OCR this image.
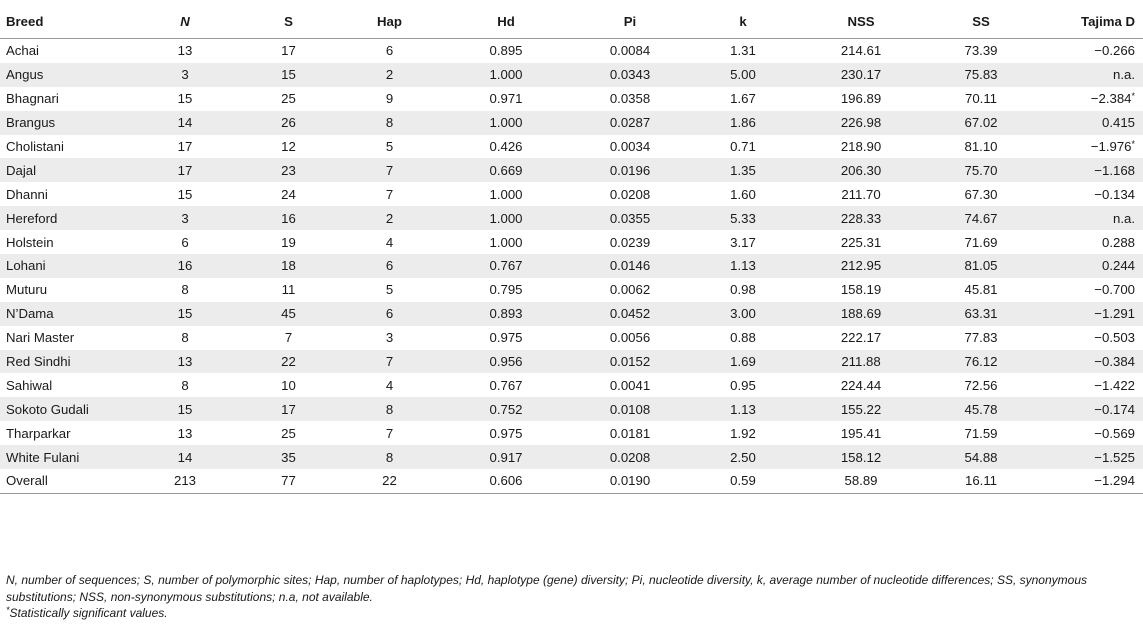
Breed	N	S	Hap	Hd	Pi	k	NSS	SS	Tajima D
Achai	13	17	6	0.895	0.0084	1.31	214.61	73.39	−0.266
Angus	3	15	2	1.000	0.0343	5.00	230.17	75.83	n.a.
Bhagnari	15	25	9	0.971	0.0358	1.67	196.89	70.11	−2.384*
Brangus	14	26	8	1.000	0.0287	1.86	226.98	67.02	0.415
Cholistani	17	12	5	0.426	0.0034	0.71	218.90	81.10	−1.976*
Dajal	17	23	7	0.669	0.0196	1.35	206.30	75.70	−1.168
Dhanni	15	24	7	1.000	0.0208	1.60	211.70	67.30	−0.134
Hereford	3	16	2	1.000	0.0355	5.33	228.33	74.67	n.a.
Holstein	6	19	4	1.000	0.0239	3.17	225.31	71.69	0.288
Lohani	16	18	6	0.767	0.0146	1.13	212.95	81.05	0.244
Muturu	8	11	5	0.795	0.0062	0.98	158.19	45.81	−0.700
N’Dama	15	45	6	0.893	0.0452	3.00	188.69	63.31	−1.291
Nari Master	8	7	3	0.975	0.0056	0.88	222.17	77.83	−0.503
Red Sindhi	13	22	7	0.956	0.0152	1.69	211.88	76.12	−0.384
Sahiwal	8	10	4	0.767	0.0041	0.95	224.44	72.56	−1.422
Sokoto Gudali	15	17	8	0.752	0.0108	1.13	155.22	45.78	−0.174
Tharparkar	13	25	7	0.975	0.0181	1.92	195.41	71.59	−0.569
White Fulani	14	35	8	0.917	0.0208	2.50	158.12	54.88	−1.525
Overall	213	77	22	0.606	0.0190	0.59	58.89	16.11	−1.294

N, number of sequences; S, number of polymorphic sites; Hap, number of haplotypes; Hd, haplotype (gene) diversity; Pi, nucleotide diversity, k, average number of nucleotide differences; SS, synonymous substitutions; NSS, non-synonymous substitutions; n.a, not available.

*Statistically significant values.
